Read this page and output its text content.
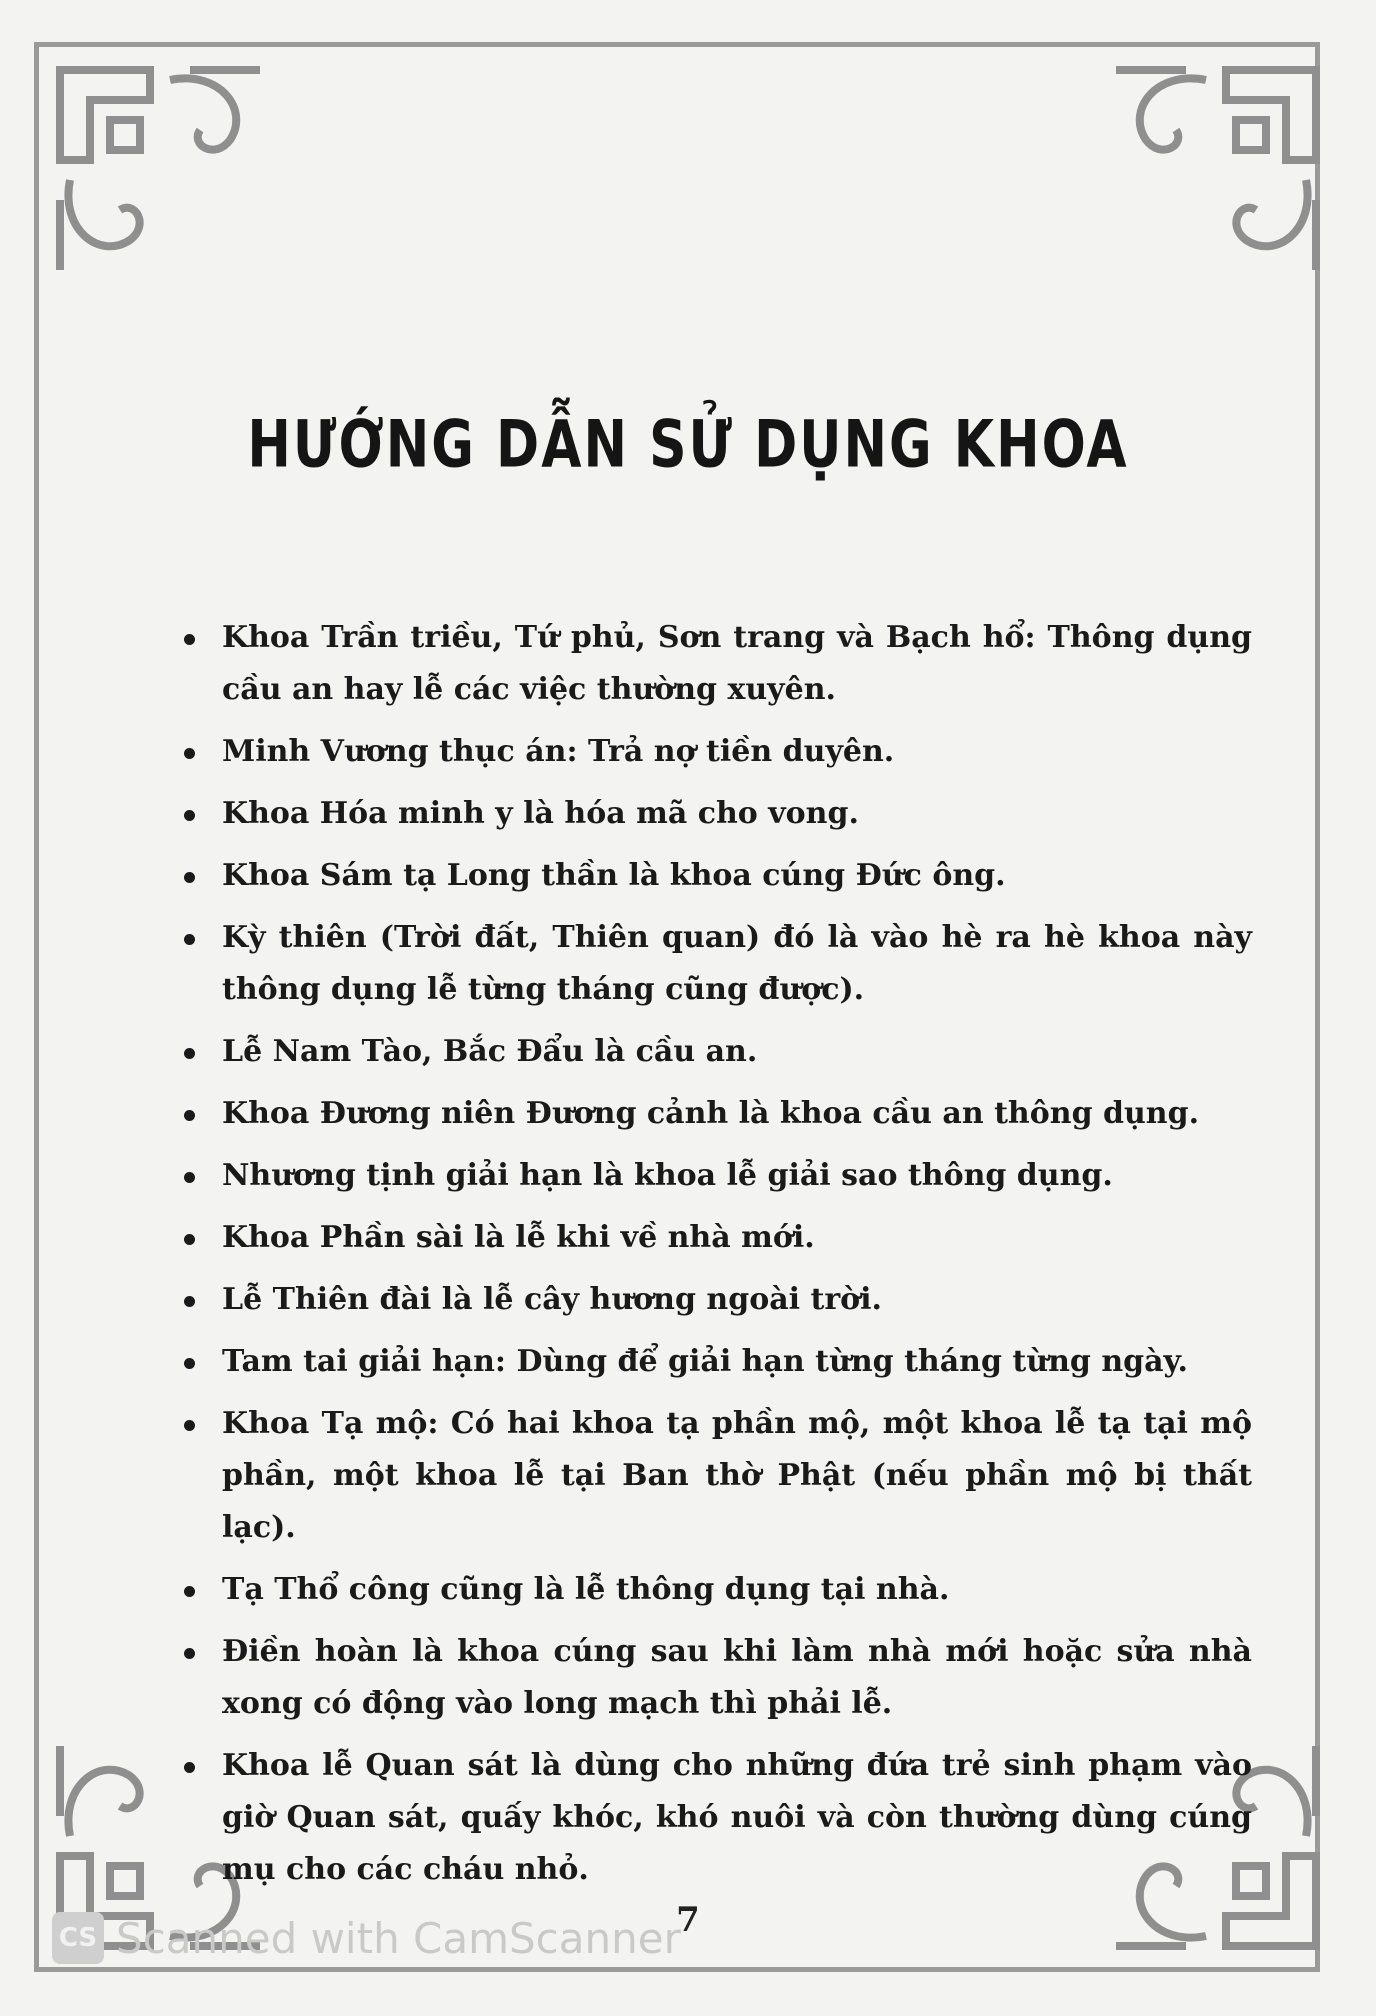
HƯỚNG DẪN SỬ DỤNG KHOA
Khoa Trần triều, Tứ phủ, Sơn trang và Bạch hổ: Thông dụng cầu an hay lễ các việc thường xuyên.
Minh Vương thục án: Trả nợ tiền duyên.
Khoa Hóa minh y là hóa mã cho vong.
Khoa Sám tạ Long thần là khoa cúng Đức ông.
Kỳ thiên (Trời đất, Thiên quan) đó là vào hè ra hè khoa này thông dụng lễ từng tháng cũng được).
Lễ Nam Tào, Bắc Đẩu là cầu an.
Khoa Đương niên Đương cảnh là khoa cầu an thông dụng.
Nhương tịnh giải hạn là khoa lễ giải sao thông dụng.
Khoa Phần sài là lễ khi về nhà mới.
Lễ Thiên đài là lễ cây hương ngoài trời.
Tam tai giải hạn: Dùng để giải hạn từng tháng từng ngày.
Khoa Tạ mộ: Có hai khoa tạ phần mộ, một khoa lễ tạ tại mộ phần, một khoa lễ tại Ban thờ Phật (nếu phần mộ bị thất lạc).
Tạ Thổ công cũng là lễ thông dụng tại nhà.
Điền hoàn là khoa cúng sau khi làm nhà mới hoặc sửa nhà xong có động vào long mạch thì phải lễ.
Khoa lễ Quan sát là dùng cho những đứa trẻ sinh phạm vào giờ Quan sát, quấy khóc, khó nuôi và còn thường dùng cúng mụ cho các cháu nhỏ.
7
CS Scanned with CamScanner
